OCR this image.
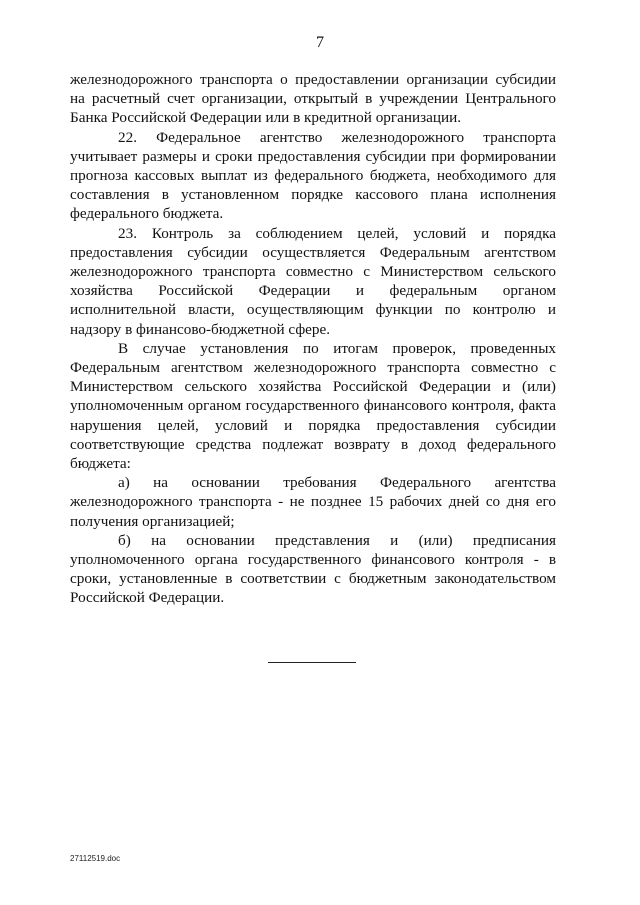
7

железнодорожного транспорта о предоставлении организации субсидии на расчетный счет организации, открытый в учреждении Центрального Банка Российской Федерации или в кредитной организации.

22. Федеральное агентство железнодорожного транспорта учитывает размеры и сроки предоставления субсидии при формировании прогноза кассовых выплат из федерального бюджета, необходимого для составления в установленном порядке кассового плана исполнения федерального бюджета.

23. Контроль за соблюдением целей, условий и порядка предоставления субсидии осуществляется Федеральным агентством железнодорожного транспорта совместно с Министерством сельского хозяйства Российской Федерации и федеральным органом исполнительной власти, осуществляющим функции по контролю и надзору в финансово-бюджетной сфере.

В случае установления по итогам проверок, проведенных Федеральным агентством железнодорожного транспорта совместно с Министерством сельского хозяйства Российской Федерации и (или) уполномоченным органом государственного финансового контроля, факта нарушения целей, условий и порядка предоставления субсидии соответствующие средства подлежат возврату в доход федерального бюджета:

а) на основании требования Федерального агентства железнодорожного транспорта - не позднее 15 рабочих дней со дня его получения организацией;

б) на основании представления и (или) предписания уполномоченного органа государственного финансового контроля - в сроки, установленные в соответствии с бюджетным законодательством Российской Федерации.

27112519.doc
